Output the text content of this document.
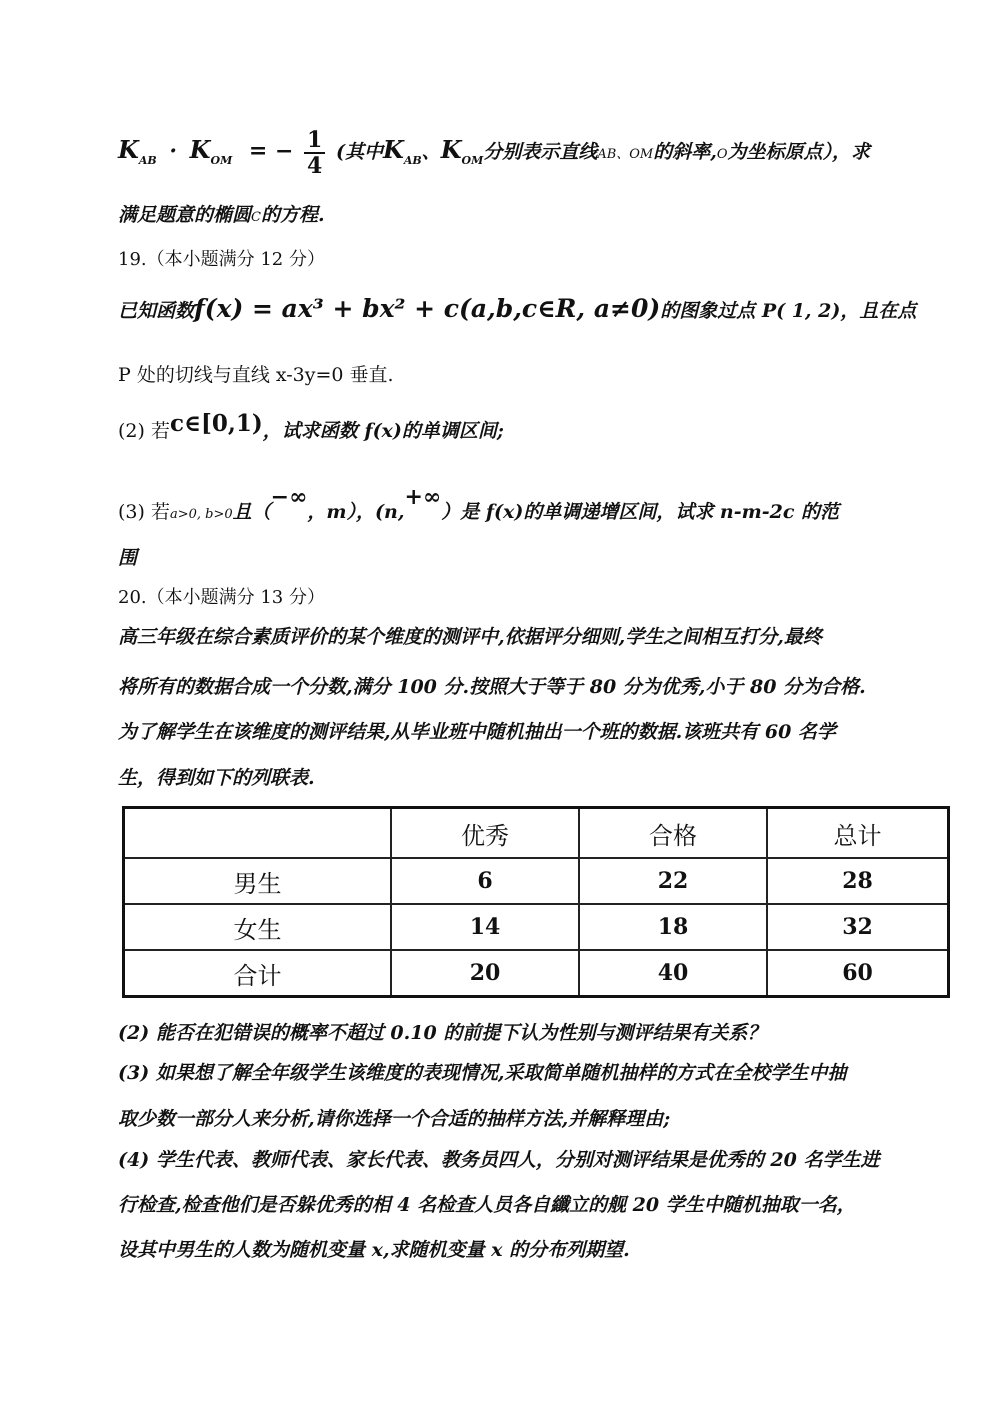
$K_{AB} \cdot K_{OM}$ = − $\frac{1}{4}$ (其中$K_{AB}$、$K_{OM}$分别表示直线AB、OM的斜率,O为坐标原点），求
满足题意的椭圆C的方程.
19.（本小题满分 12 分）
已知函数f(x) = ax³ + bx² + c(a,b,c∈R, a≠0)的图象过点 P( 1, 2)，且在点
P 处的切线与直线 x-3y=0 垂直.
(2) 若c∈[0,1)，试求函数 f(x)的单调区间;
(3) 若a>0, b>0且（−∞，m），(n,+∞）是 f(x)的单调递增区间，试求 n-m-2c 的范
围
20.（本小题满分 13 分）
高三年级在综合素质评价的某个维度的测评中,依据评分细则,学生之间相互打分,最终
将所有的数据合成一个分数,满分 100 分.按照大于等于 80 分为优秀,小于 80 分为合格.
为了解学生在该维度的测评结果,从毕业班中随机抽出一个班的数据.该班共有 60 名学
生，得到如下的列联表.
	优秀	合格	总计
男生	6	22	28
女生	14	18	32
合计	20	40	60
(2) 能否在犯错误的概率不超过 0.10 的前提下认为性别与测评结果有关系？
(3) 如果想了解全年级学生该维度的表现情况,采取简单随机抽样的方式在全校学生中抽
取少数一部分人来分析,请你选择一个合适的抽样方法,并解释理由;
(4) 学生代表、教师代表、家长代表、教务员四人，分别对测评结果是优秀的 20 名学生进
行检查,检查他们是否躲优秀的相 4 名检查人员各自纖立的舰 20 学生中随机抽取一名，
设其中男生的人数为随机变量 x,求随机变量 x 的分布列期望.
